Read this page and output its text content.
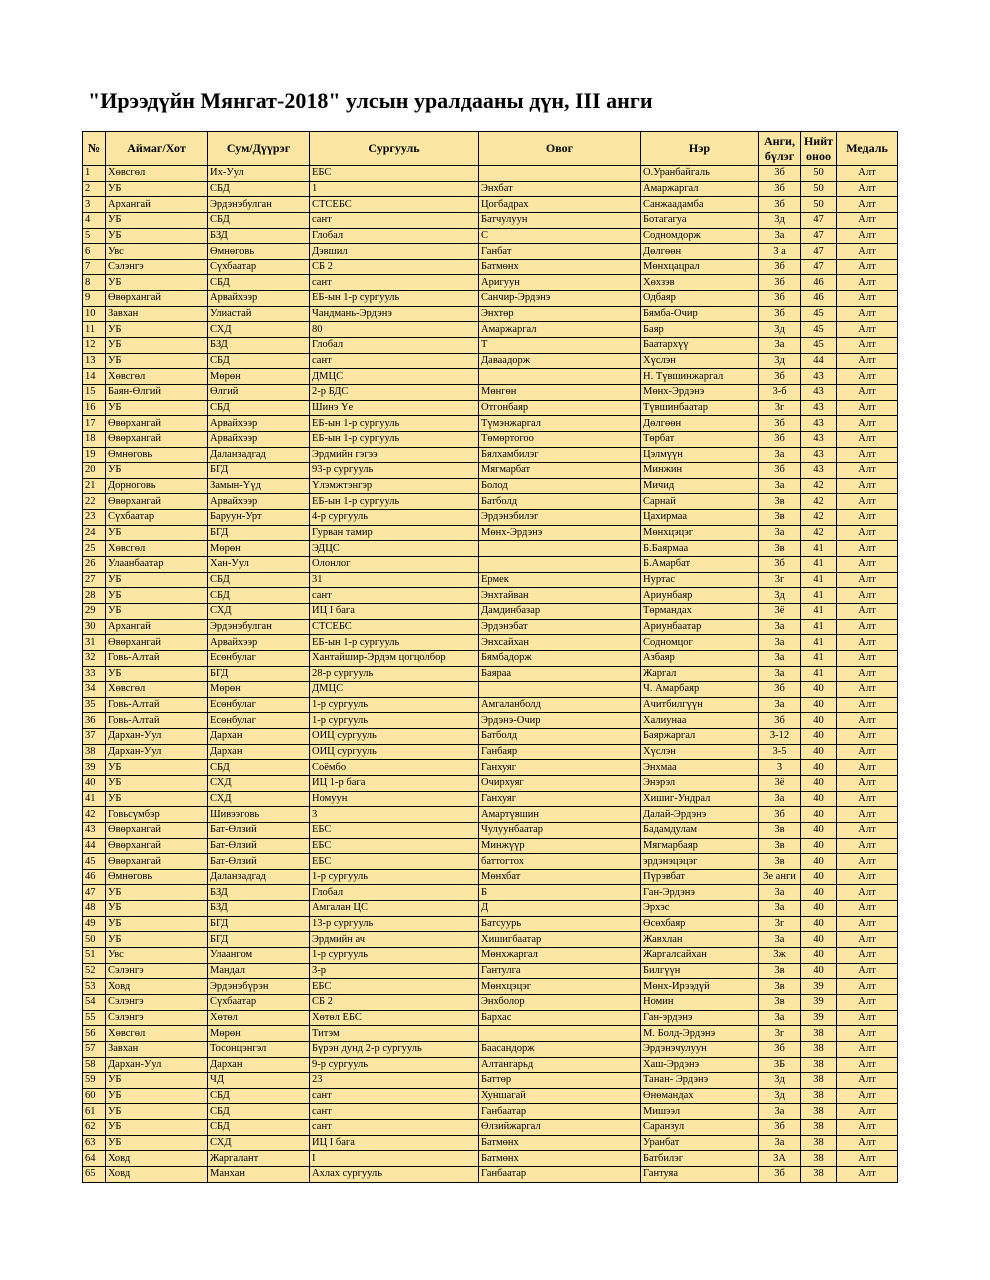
"Ирээдүйн Мянгат-2018" улсын уралдааны дүн, III анги
№	Аймаг/Хот	Сум/Дүүрэг	Сургууль	Овог	Нэр	Анги, бүлэг	Нийт оноо	Медаль
1	Хөвсгөл	Их-Уул	ЕБС		О.Уранбайгаль	3б	50	Алт
2	УБ	СБД	1	Энхбат	Амаржаргал	3б	50	Алт
3	Архангай	Эрдэнэбулган	СТСЕБС	Цогбадрах	Санжаадамба	3б	50	Алт
4	УБ	СБД	сант	Батчулуун	Ботагагуа	3д	47	Алт
5	УБ	БЗД	Глобал	С	Содномдорж	3а	47	Алт
6	Увс	Өмнөговь	Дэвшил	Ганбат	Дөлгөөн	3 а	47	Алт
7	Сэлэнгэ	Сүхбаатар	СБ 2	Батмөнх	Мөнхцацрал	3б	47	Алт
8	УБ	СБД	сант	Аригуун	Хөхзэв	3б	46	Алт
9	Өвөрхангай	Арвайхээр	ЕБ-ын 1-р сургууль	Санчир-Эрдэнэ	Одбаяр	3б	46	Алт
10	Завхан	Улиастай	Чандмань-Эрдэнэ	Энхтөр	Бямба-Очир	3б	45	Алт
11	УБ	СХД	80	Амаржаргал	Баяр	3д	45	Алт
12	УБ	БЗД	Глобал	Т	Баатархүү	3а	45	Алт
13	УБ	СБД	сант	Даваадорж	Хүслэн	3д	44	Алт
14	Хөвсгөл	Мөрөн	ДМЦС		Н. Түвшинжаргал	3б	43	Алт
15	Баян-Өлгий	Өлгий	2-р БДС	Мөнгөн	Мөнх-Эрдэнэ	3-б	43	Алт
16	УБ	СБД	Шинэ Үе	Отгонбаяр	Түвшинбаатар	3г	43	Алт
17	Өвөрхангай	Арвайхээр	ЕБ-ын 1-р сургууль	Түмэнжаргал	Дөлгөөн	3б	43	Алт
18	Өвөрхангай	Арвайхээр	ЕБ-ын 1-р сургууль	Төмөртогоо	Төрбат	3б	43	Алт
19	Өмнөговь	Даланзадгад	Эрдмийн гэгээ	Бялхамбилэг	Цэлмүүн	3а	43	Алт
20	УБ	БГД	93-р сургууль	Мягмарбат	Минжин	3б	43	Алт
21	Дорноговь	Замын-Үүд	Үлэмжтэнгэр	Болод	Мичид	3а	42	Алт
22	Өвөрхангай	Арвайхээр	ЕБ-ын 1-р сургууль	Батболд	Сарнай	3в	42	Алт
23	Сүхбаатар	Баруун-Урт	4-р сургууль	Эрдэнэбилэг	Цахирмаа	3в	42	Алт
24	УБ	БГД	Гурван тамир	Мөнх-Эрдэнэ	Мөнхцэцэг	3а	42	Алт
25	Хөвсгөл	Мөрөн	ЭДЦС		Б.Баярмаа	3в	41	Алт
26	Улаанбаатар	Хан-Уул	Олонлог		Б.Амарбат	3б	41	Алт
27	УБ	СБД	31	Ермек	Нуртас	3г	41	Алт
28	УБ	СБД	сант	Энхтайван	Ариунбаяр	3д	41	Алт
29	УБ	СХД	ИЦ I бага	Дамдинбазар	Төрмандах	3ё	41	Алт
30	Архангай	Эрдэнэбулган	СТСЕБС	Эрдэнэбат	Ариунбаатар	3а	41	Алт
31	Өвөрхангай	Арвайхээр	ЕБ-ын 1-р сургууль	Энхсайхан	Содномцог	3а	41	Алт
32	Говь-Алтай	Есөнбулаг	Хантайшир-Эрдэм цогцолбор	Бямбадорж	Азбаяр	3а	41	Алт
33	УБ	БГД	28-р сургууль	Баяраа	Жаргал	3а	41	Алт
34	Хөвсгөл	Мөрөн	ДМЦС		Ч. Амарбаяр	3б	40	Алт
35	Говь-Алтай	Есөнбулаг	1-р сургууль	Амгаланболд	Ачитбилгүүн	3а	40	Алт
36	Говь-Алтай	Есөнбулаг	1-р сургууль	Эрдэнэ-Очир	Халиунаа	3б	40	Алт
37	Дархан-Уул	Дархан	ОИЦ сургууль	Батболд	Баяржаргал	3-12	40	Алт
38	Дархан-Уул	Дархан	ОИЦ сургууль	Ганбаяр	Хүслэн	3-5	40	Алт
39	УБ	СБД	Соёмбо	Ганхуяг	Энхмаа	3	40	Алт
40	УБ	СХД	ИЦ 1-р бага	Очирхуяг	Энэрэл	3ё	40	Алт
41	УБ	СХД	Номуун	Ганхуяг	Хишиг-Ундрал	3а	40	Алт
42	Говьсүмбэр	Шивээговь	3	Амартүвшин	Далай-Эрдэнэ	3б	40	Алт
43	Өвөрхангай	Бат-Өлзий	ЕБС	Чулуунбаатар	Бадамдулам	3в	40	Алт
44	Өвөрхангай	Бат-Өлзий	ЕБС	Минжүүр	Мягмарбаяр	3в	40	Алт
45	Өвөрхангай	Бат-Өлзий	ЕБС	баттогтох	эрдэнэцэцэг	3в	40	Алт
46	Өмнөговь	Даланзадгад	1-р сургууль	Мөнхбат	Пүрэвбат	3е анги	40	Алт
47	УБ	БЗД	Глобал	Б	Ган-Эрдэнэ	3а	40	Алт
48	УБ	БЗД	Амгалан ЦС	Д	Эрхэс	3а	40	Алт
49	УБ	БГД	13-р сургууль	Батсуурь	Өсөхбаяр	3г	40	Алт
50	УБ	БГД	Эрдмийн ач	Хишигбаатар	Жавхлан	3а	40	Алт
51	Увс	Улаангом	1-р сургууль	Мөнхжаргал	Жаргалсайхан	3ж	40	Алт
52	Сэлэнгэ	Мандал	3-р	Гантулга	Билгүүн	3в	40	Алт
53	Ховд	Эрдэнэбүрэн	ЕБС	Мөнхцэцэг	Мөнх-Ирээдүй	3в	39	Алт
54	Сэлэнгэ	Сүхбаатар	СБ 2	Энхболор	Номин	3в	39	Алт
55	Сэлэнгэ	Хөтөл	Хөтөл ЕБС	Бархас	Ган-эрдэнэ	3а	39	Алт
56	Хөвсгөл	Мөрөн	Титэм		М. Болд-Эрдэнэ	3г	38	Алт
57	Завхан	Тосонцэнгэл	Бүрэн дунд 2-р сургууль	Баасандорж	Эрдэнэчулуун	3б	38	Алт
58	Дархан-Уул	Дархан	9-р сургууль	Алтангарьд	Хаш-Эрдэнэ	3Б	38	Алт
59	УБ	ЧД	23	Баттөр	Танан- Эрдэнэ	3д	38	Алт
60	УБ	СБД	сант	Хуншагай	Өнөмандах	3д	38	Алт
61	УБ	СБД	сант	Ганбаатар	Мишээл	3а	38	Алт
62	УБ	СБД	сант	Өлзийжаргал	Саранзул	3б	38	Алт
63	УБ	СХД	ИЦ I бага	Батмөнх	Уранбат	3а	38	Алт
64	Ховд	Жаргалант	I	Батмөнх	Батбилэг	3А	38	Алт
65	Ховд	Манхан	Ахлах сургууль	Ганбаатар	Гантуяа	3б	38	Алт
